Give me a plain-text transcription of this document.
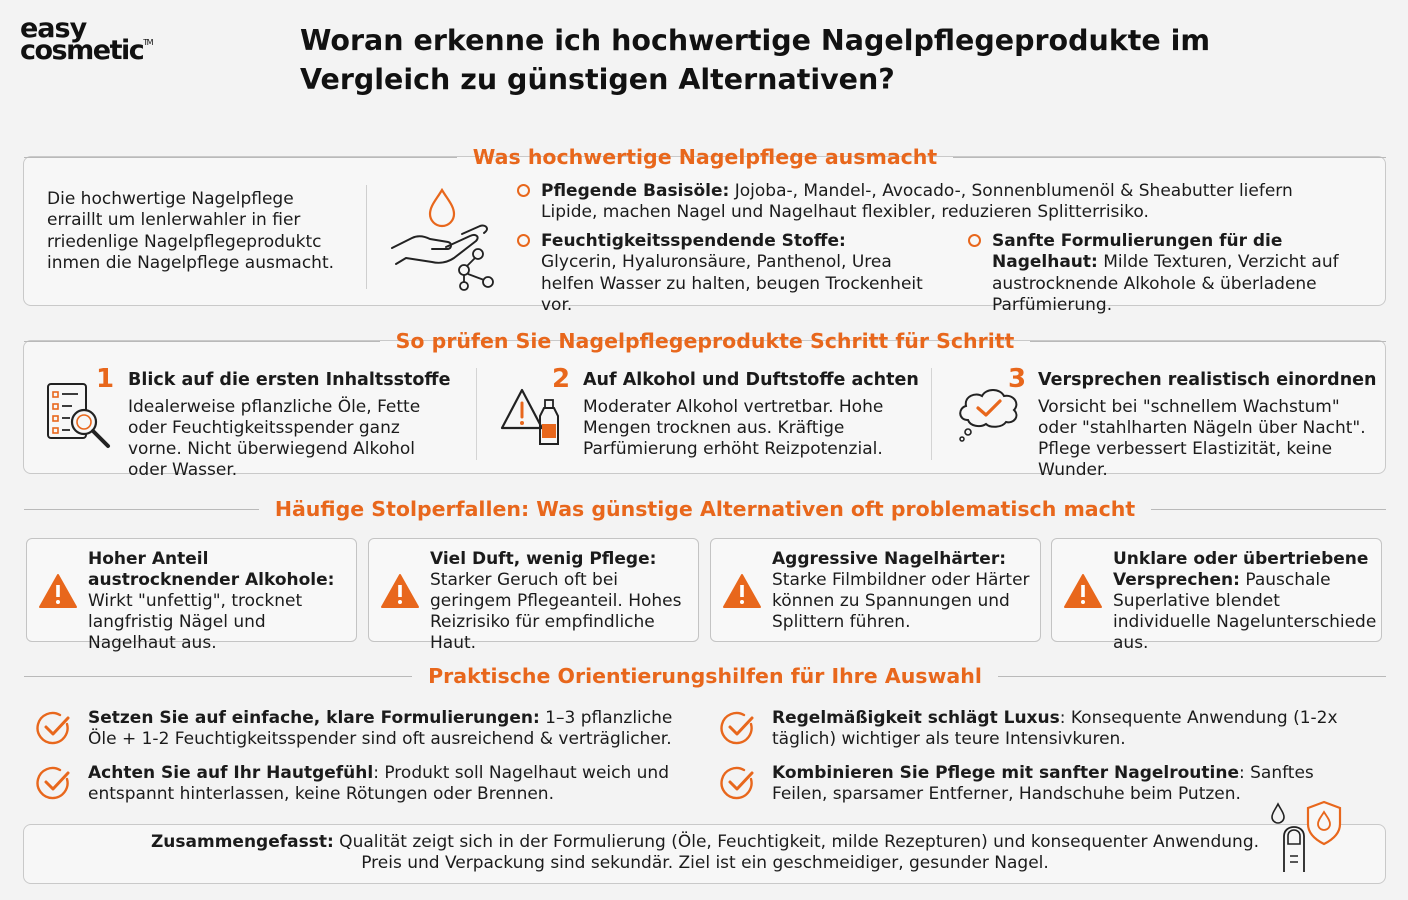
easy
cosmetic™	Woran erkenne ich hochwertige Nagelpflegeprodukte im Vergleich zu günstigen Alternativen?
Was hochwertige Nagelpflege ausmacht
Die hochwertige Nagelpflege erraillt um lenlerwahler in fier rriedenlige Nagelpflegeproduktc inmen die Nagelpflege ausmacht.
Pflegende Basisöle: Jojoba-, Mandel-, Avocado-, Sonnenblumenöl & Sheabutter liefern Lipide, machen Nagel und Nagelhaut flexibler, reduzieren Splitterrisiko.
Feuchtigkeitsspendende Stoffe: Glycerin, Hyaluronsäure, Panthenol, Urea helfen Wasser zu halten, beugen Trockenheit vor.
Sanfte Formulierungen für die Nagelhaut: Milde Texturen, Verzicht auf austrocknende Alkohole & überladene Parfümierung.
So prüfen Sie Nagelpflegeprodukte Schritt für Schritt
1 Blick auf die ersten Inhaltsstoffe
Idealerweise pflanzliche Öle, Fette oder Feuchtigkeitsspender ganz vorne. Nicht überwiegend Alkohol oder Wasser.
2 Auf Alkohol und Duftstoffe achten
Moderater Alkohol vertretbar. Hohe Mengen trocknen aus. Kräftige Parfümierung erhöht Reizpotenzial.
3 Versprechen realistisch einordnen
Vorsicht bei "schnellem Wachstum" oder "stahlharten Nägeln über Nacht". Pflege verbessert Elastizität, keine Wunder.
Häufige Stolperfallen: Was günstige Alternativen oft problematisch macht
Hoher Anteil austrocknender Alkohole: Wirkt "unfettig", trocknet langfristig Nägel und Nagelhaut aus.
Viel Duft, wenig Pflege: Starker Geruch oft bei geringem Pflegeanteil. Hohes Reizrisiko für empfindliche Haut.
Aggressive Nagelhärter: Starke Filmbildner oder Härter können zu Spannungen und Splittern führen.
Unklare oder übertriebene Versprechen: Pauschale Superlative blendet individuelle Nagelunterschiede aus.
Praktische Orientierungshilfen für Ihre Auswahl
Setzen Sie auf einfache, klare Formulierungen: 1–3 pflanzliche Öle + 1-2 Feuchtigkeitsspender sind oft ausreichend & verträglicher.
Regelmäßigkeit schlägt Luxus: Konsequente Anwendung (1-2x täglich) wichtiger als teure Intensivkuren.
Achten Sie auf Ihr Hautgefühl: Produkt soll Nagelhaut weich und entspannt hinterlassen, keine Rötungen oder Brennen.
Kombinieren Sie Pflege mit sanfter Nagelroutine: Sanftes Feilen, sparsamer Entferner, Handschuhe beim Putzen.
Zusammengefasst: Qualität zeigt sich in der Formulierung (Öle, Feuchtigkeit, milde Rezepturen) und konsequenter Anwendung. Preis und Verpackung sind sekundär. Ziel ist ein geschmeidiger, gesunder Nagel.
